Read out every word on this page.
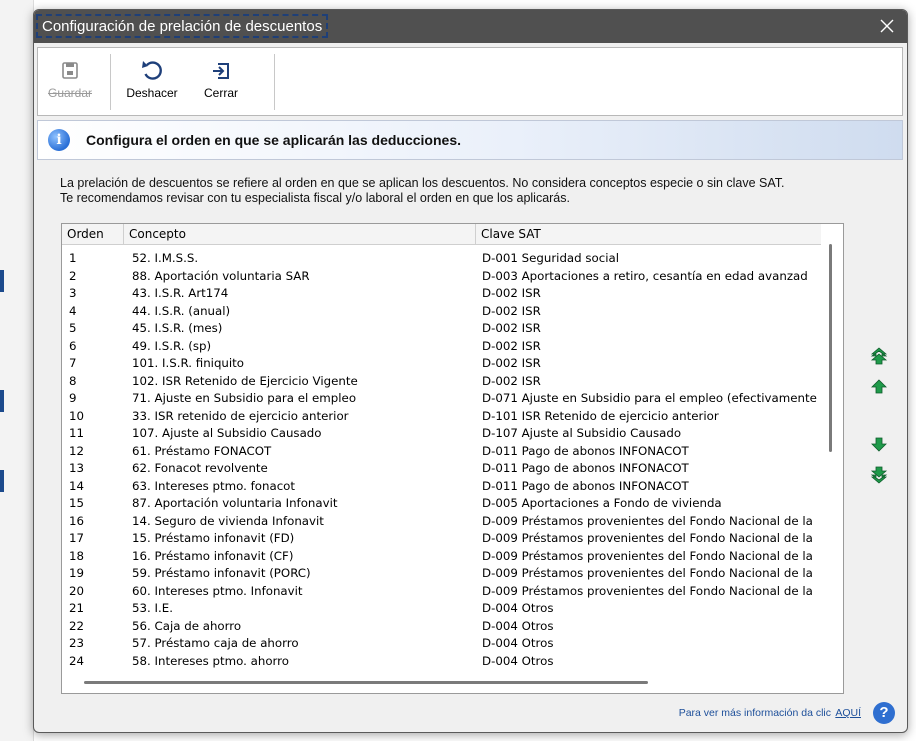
Configuración de prelación de descuentos
Guardar	Deshacer	Cerrar
i	Configura el orden en que se aplicarán las deducciones.
La prelación de descuentos se refiere al orden en que se aplican los descuentos. No considera conceptos especie o sin clave SAT.
Te recomendamos revisar con tu especialista fiscal y/o laboral el orden en que los aplicarás.
Orden	Concepto	Clave SAT
1	52. I.M.S.S.	D-001 Seguridad social
2	88. Aportación voluntaria SAR	D-003 Aportaciones a retiro, cesantía en edad avanzad
3	43. I.S.R. Art174	D-002 ISR
4	44. I.S.R. (anual)	D-002 ISR
5	45. I.S.R. (mes)	D-002 ISR
6	49. I.S.R. (sp)	D-002 ISR
7	101. I.S.R. finiquito	D-002 ISR
8	102. ISR Retenido de Ejercicio Vigente	D-002 ISR
9	71. Ajuste en Subsidio para el empleo	D-071 Ajuste en Subsidio para el empleo (efectivamente
10	33. ISR retenido de ejercicio anterior	D-101 ISR Retenido de ejercicio anterior
11	107. Ajuste al Subsidio Causado	D-107 Ajuste al Subsidio Causado
12	61. Préstamo FONACOT	D-011 Pago de abonos INFONACOT
13	62. Fonacot revolvente	D-011 Pago de abonos INFONACOT
14	63. Intereses ptmo. fonacot	D-011 Pago de abonos INFONACOT
15	87. Aportación voluntaria Infonavit	D-005 Aportaciones a Fondo de vivienda
16	14. Seguro de vivienda Infonavit	D-009 Préstamos provenientes del Fondo Nacional de la
17	15. Préstamo infonavit (FD)	D-009 Préstamos provenientes del Fondo Nacional de la
18	16. Préstamo infonavit (CF)	D-009 Préstamos provenientes del Fondo Nacional de la
19	59. Préstamo infonavit (PORC)	D-009 Préstamos provenientes del Fondo Nacional de la
20	60. Intereses ptmo. Infonavit	D-009 Préstamos provenientes del Fondo Nacional de la
21	53. I.E.	D-004 Otros
22	56. Caja de ahorro	D-004 Otros
23	57. Préstamo caja de ahorro	D-004 Otros
24	58. Intereses ptmo. ahorro	D-004 Otros
Para ver más información da clic AQUÍ	?
